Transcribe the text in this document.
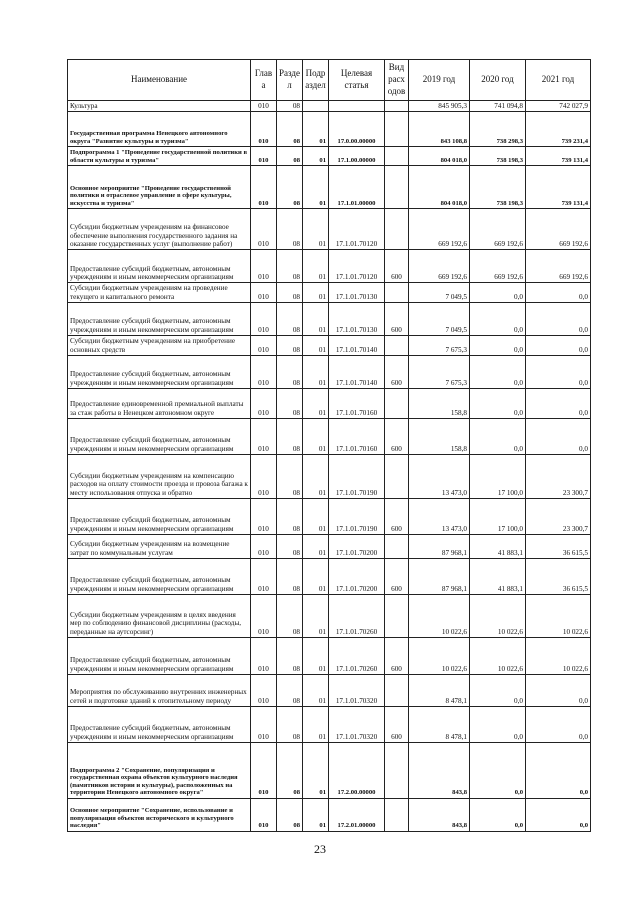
Наименование	Глав а	Разде л	Подр аздел	Целевая статья	Вид расх одов	2019 год	2020 год	2021 год
Культура	010	08				845 905,3	741 094,8	742 027,9
Государственная программа Ненецкого автономного округа "Развитие культуры и туризма"	010	08	01	17.0.00.00000		843 108,8	738 298,3	739 231,4
Подпрограмма 1 "Проведение государственной политики в области культуры и туризма"	010	08	01	17.1.00.00000		804 018,0	738 198,3	739 131,4
Основное мероприятие "Проведение государственной политики и отраслевое управление в сфере культуры, искусства и туризма"	010	08	01	17.1.01.00000		804 018,0	738 198,3	739 131,4
Субсидии бюджетным учреждениям на финансовое обеспечение выполнения государственного задания на оказание государственных услуг (выполнение работ)	010	08	01	17.1.01.70120		669 192,6	669 192,6	669 192,6
Предоставление субсидий бюджетным, автономным учреждениям и иным некоммерческим организациям	010	08	01	17.1.01.70120	600	669 192,6	669 192,6	669 192,6
Субсидии бюджетным учреждениям на проведение текущего и капитального ремонта	010	08	01	17.1.01.70130		7 049,5	0,0	0,0
Предоставление субсидий бюджетным, автономным учреждениям и иным некоммерческим организациям	010	08	01	17.1.01.70130	600	7 049,5	0,0	0,0
Субсидии бюджетным учреждениям на приобретение основных средств	010	08	01	17.1.01.70140		7 675,3	0,0	0,0
Предоставление субсидий бюджетным, автономным учреждениям и иным некоммерческим организациям	010	08	01	17.1.01.70140	600	7 675,3	0,0	0,0
Предоставление единовременной премиальной выплаты за стаж работы в Ненецком автономном округе	010	08	01	17.1.01.70160		158,8	0,0	0,0
Предоставление субсидий бюджетным, автономным учреждениям и иным некоммерческим организациям	010	08	01	17.1.01.70160	600	158,8	0,0	0,0
Субсидии бюджетным учреждениям на компенсацию расходов на оплату стоимости проезда и провоза багажа к месту использования отпуска и обратно	010	08	01	17.1.01.70190		13 473,0	17 100,0	23 300,7
Предоставление субсидий бюджетным, автономным учреждениям и иным некоммерческим организациям	010	08	01	17.1.01.70190	600	13 473,0	17 100,0	23 300,7
Субсидии бюджетным учреждениям на возмещение затрат по коммунальным услугам	010	08	01	17.1.01.70200		87 968,1	41 883,1	36 615,5
Предоставление субсидий бюджетным, автономным учреждениям и иным некоммерческим организациям	010	08	01	17.1.01.70200	600	87 968,1	41 883,1	36 615,5
Субсидии бюджетным учреждениям в целях введения мер по соблюдению финансовой дисциплины (расходы, переданные на аутсорсинг)	010	08	01	17.1.01.70260		10 022,6	10 022,6	10 022,6
Предоставление субсидий бюджетным, автономным учреждениям и иным некоммерческим организациям	010	08	01	17.1.01.70260	600	10 022,6	10 022,6	10 022,6
Мероприятия по обслуживанию внутренних инженерных сетей и подготовке зданий к отопительному периоду	010	08	01	17.1.01.70320		8 478,1	0,0	0,0
Предоставление субсидий бюджетным, автономным учреждениям и иным некоммерческим организациям	010	08	01	17.1.01.70320	600	8 478,1	0,0	0,0
Подпрограмма 2 "Сохранение, популяризация и государственная охрана объектов культурного наследия (памятников истории и культуры), расположенных на территории Ненецкого автономного округа"	010	08	01	17.2.00.00000		843,8	0,0	0,0
Основное мероприятие "Сохранение, использование и популяризация объектов исторического и культурного наследия"	010	08	01	17.2.01.00000		843,8	0,0	0,0
23
